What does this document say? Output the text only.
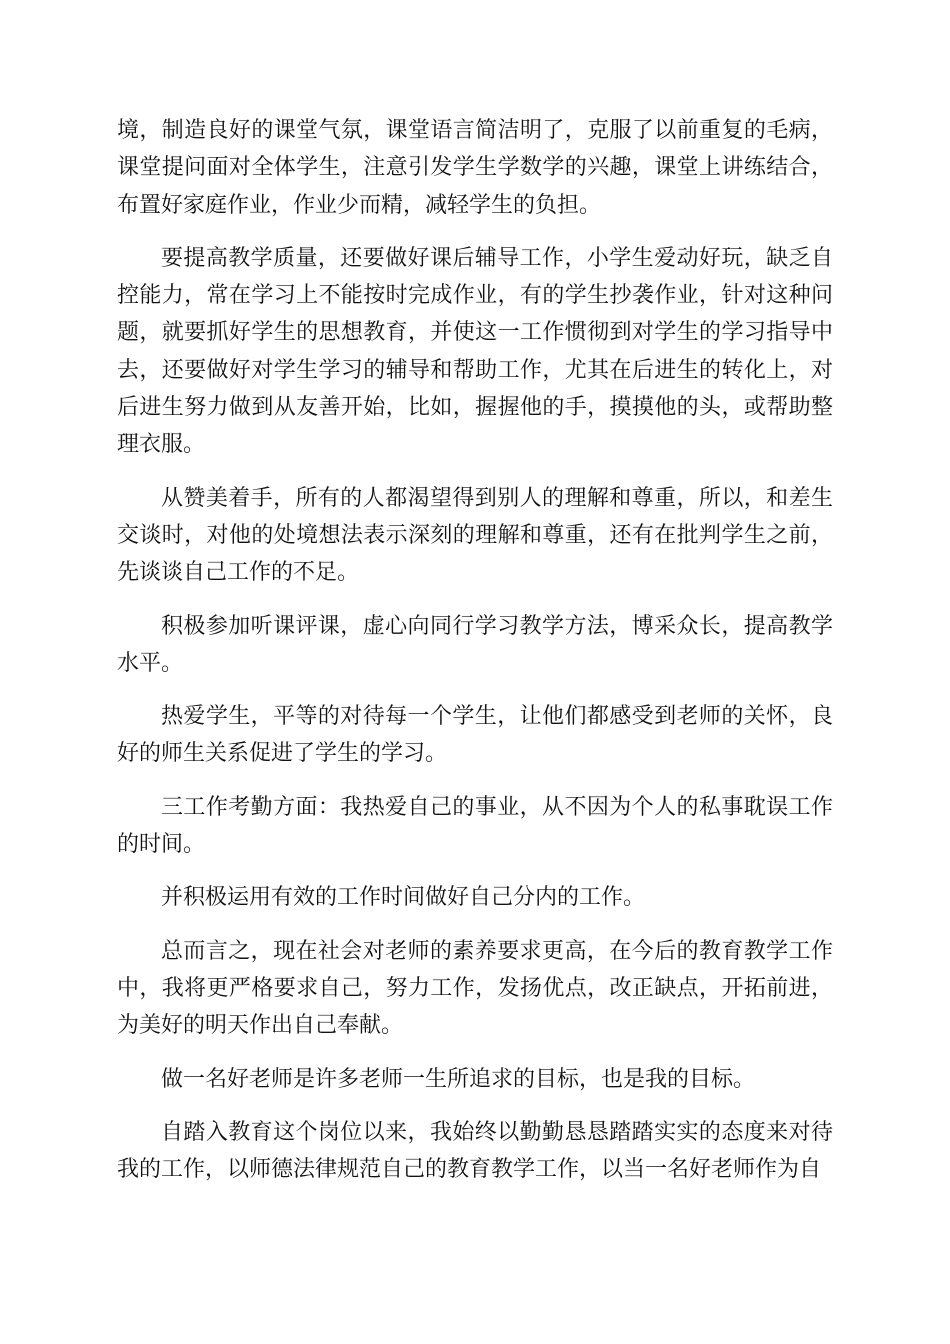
境，制造良好的课堂气氛，课堂语言简洁明了，克服了以前重复的毛病，课堂提问面对全体学生，注意引发学生学数学的兴趣，课堂上讲练结合，布置好家庭作业，作业少而精，减轻学生的负担。

要提高教学质量，还要做好课后辅导工作，小学生爱动好玩，缺乏自控能力，常在学习上不能按时完成作业，有的学生抄袭作业，针对这种问题，就要抓好学生的思想教育，并使这一工作惯彻到对学生的学习指导中去，还要做好对学生学习的辅导和帮助工作，尤其在后进生的转化上，对后进生努力做到从友善开始，比如，握握他的手，摸摸他的头，或帮助整理衣服。

从赞美着手，所有的人都渴望得到别人的理解和尊重，所以，和差生交谈时，对他的处境想法表示深刻的理解和尊重，还有在批判学生之前，先谈谈自己工作的不足。

积极参加听课评课，虚心向同行学习教学方法，博采众长，提高教学水平。

热爱学生，平等的对待每一个学生，让他们都感受到老师的关怀，良好的师生关系促进了学生的学习。

三工作考勤方面：我热爱自己的事业，从不因为个人的私事耽误工作的时间。

并积极运用有效的工作时间做好自己分内的工作。

总而言之，现在社会对老师的素养要求更高，在今后的教育教学工作中，我将更严格要求自己，努力工作，发扬优点，改正缺点，开拓前进，为美好的明天作出自己奉献。

做一名好老师是许多老师一生所追求的目标，也是我的目标。

自踏入教育这个岗位以来，我始终以勤勤恳恳踏踏实实的态度来对待我的工作，以师德法律规范自己的教育教学工作，以当一名好老师作为自
